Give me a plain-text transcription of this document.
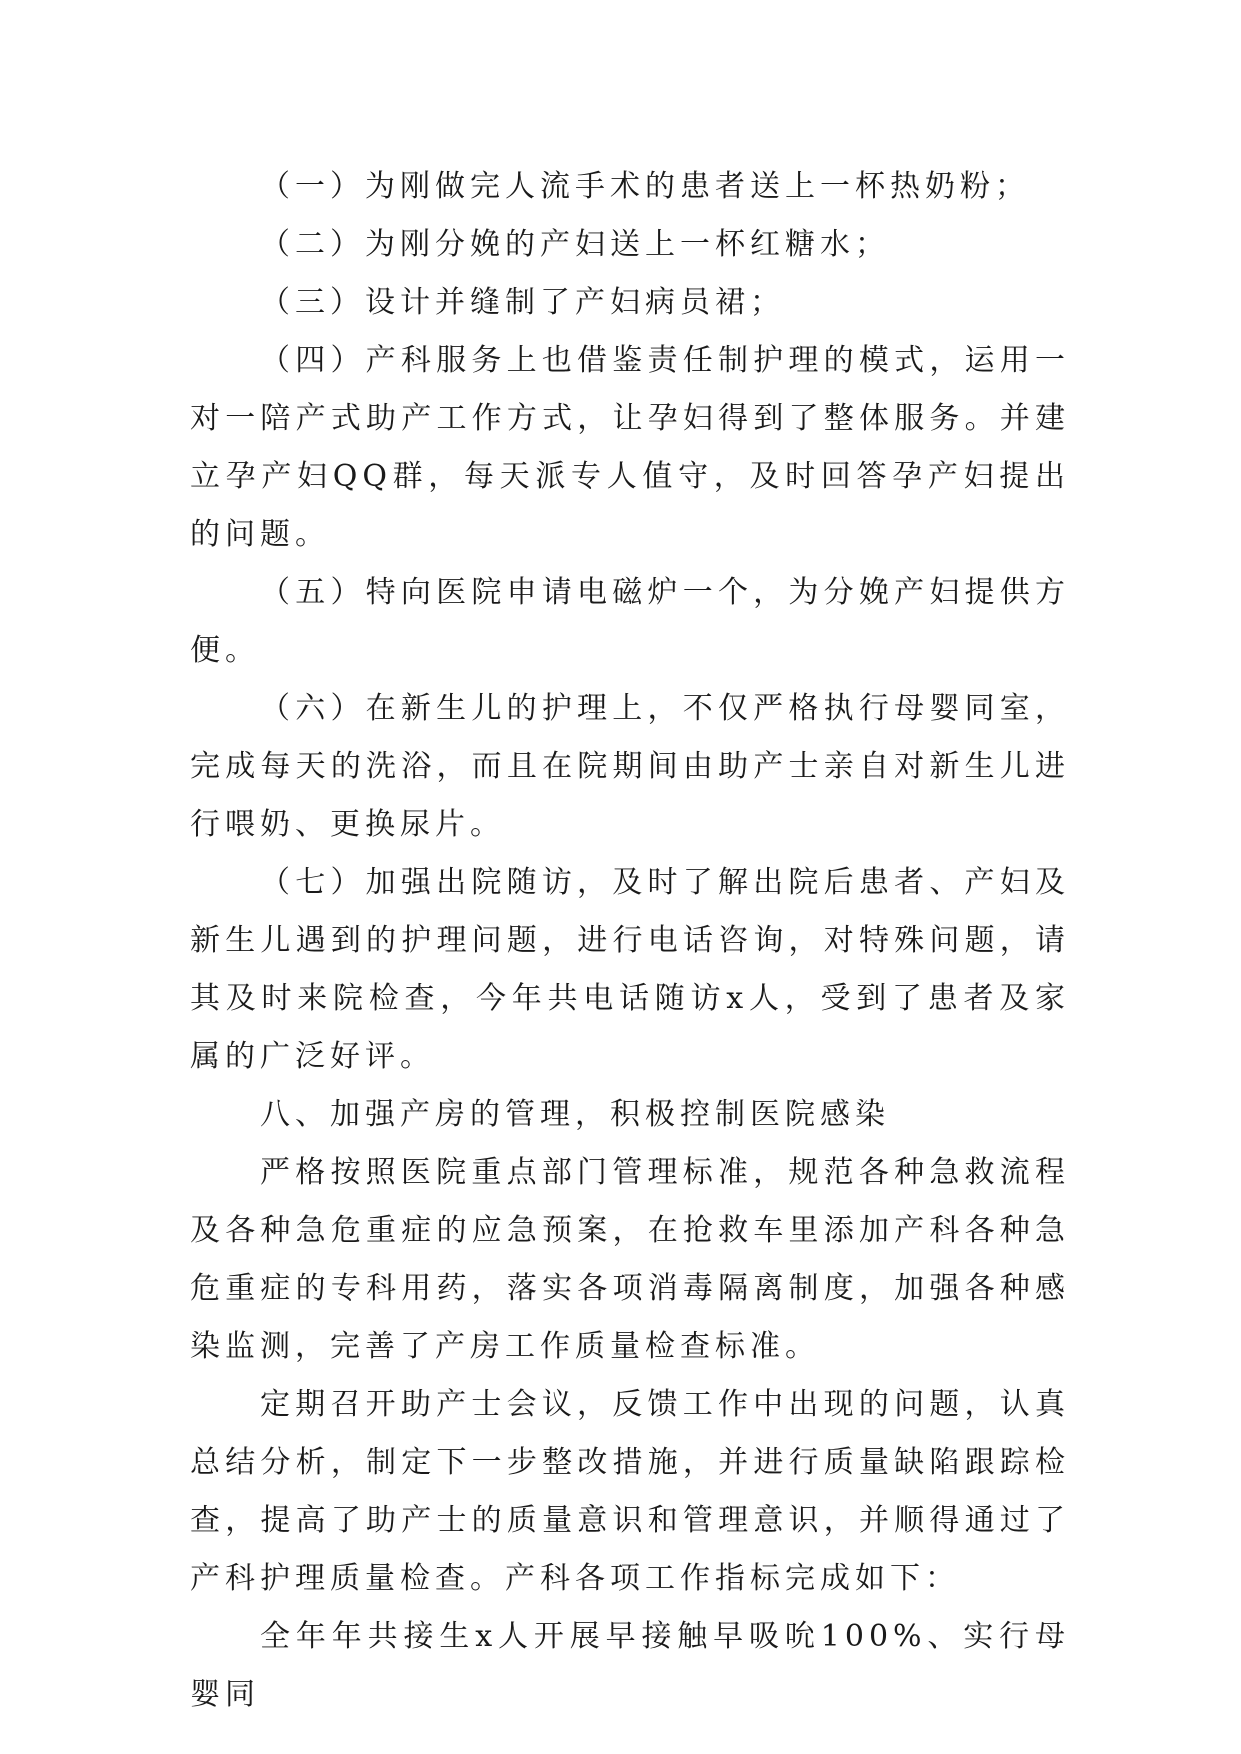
（一）为刚做完人流手术的患者送上一杯热奶粉；

（二）为刚分娩的产妇送上一杯红糖水；

（三）设计并缝制了产妇病员裙；

（四）产科服务上也借鉴责任制护理的模式，运用一对一陪产式助产工作方式，让孕妇得到了整体服务。并建立孕产妇QQ群，每天派专人值守，及时回答孕产妇提出的问题。

（五）特向医院申请电磁炉一个，为分娩产妇提供方便。

（六）在新生儿的护理上，不仅严格执行母婴同室，完成每天的洗浴，而且在院期间由助产士亲自对新生儿进行喂奶、更换尿片。

（七）加强出院随访，及时了解出院后患者、产妇及新生儿遇到的护理问题，进行电话咨询，对特殊问题，请其及时来院检查，今年共电话随访x人，受到了患者及家属的广泛好评。

八、加强产房的管理，积极控制医院感染

严格按照医院重点部门管理标准，规范各种急救流程及各种急危重症的应急预案，在抢救车里添加产科各种急危重症的专科用药，落实各项消毒隔离制度，加强各种感染监测，完善了产房工作质量检查标准。

定期召开助产士会议，反馈工作中出现的问题，认真总结分析，制定下一步整改措施，并进行质量缺陷跟踪检查，提高了助产士的质量意识和管理意识，并顺得通过了产科护理质量检查。产科各项工作指标完成如下：

全年年共接生x人开展早接触早吸吮100%、实行母婴同
